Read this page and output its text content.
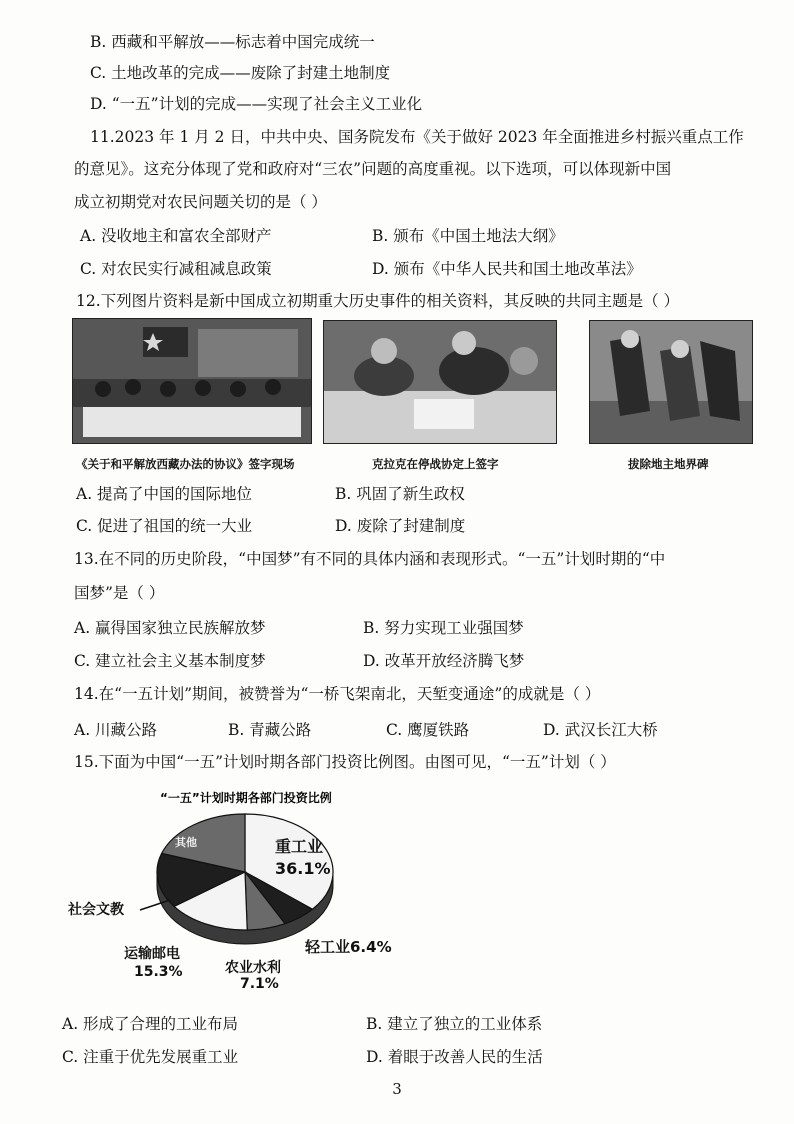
B. 西藏和平解放——标志着中国完成统一
C. 土地改革的完成——废除了封建土地制度
D. “一五”计划的完成——实现了社会主义工业化
11.2023 年 1 月 2 日，中共中央、国务院发布《关于做好 2023 年全面推进乡村振兴重点工作
的意见》。这充分体现了党和政府对“三农”问题的高度重视。以下选项，可以体现新中国
成立初期党对农民问题关切的是（ ）
A. 没收地主和富农全部财产	B. 颁布《中国土地法大纲》
C. 对农民实行减租减息政策	D. 颁布《中华人民共和国土地改革法》
12.下列图片资料是新中国成立初期重大历史事件的相关资料，其反映的共同主题是（ ）
《关于和平解放西藏办法的协议》签字现场	克拉克在停战协定上签字	拔除地主地界碑
A. 提高了中国的国际地位	B. 巩固了新生政权
C. 促进了祖国的统一大业	D. 废除了封建制度
13.在不同的历史阶段，“中国梦”有不同的具体内涵和表现形式。“一五”计划时期的“中
国梦”是（ ）
A. 赢得国家独立民族解放梦	B. 努力实现工业强国梦
C. 建立社会主义基本制度梦	D. 改革开放经济腾飞梦
14.在“一五计划”期间，被赞誉为“一桥飞架南北，天堑变通途”的成就是（ ）
A. 川藏公路	B. 青藏公路	C. 鹰厦铁路	D. 武汉长江大桥
15.下面为中国“一五”计划时期各部门投资比例图。由图可见，“一五”计划（ ）
“一五”计划时期各部门投资比例
重工业
36.1%
轻工业6.4%
农业水利
7.1%
运输邮电
15.3%
社会文教
其他
A. 形成了合理的工业布局	B. 建立了独立的工业体系
C. 注重于优先发展重工业	D. 着眼于改善人民的生活
3
